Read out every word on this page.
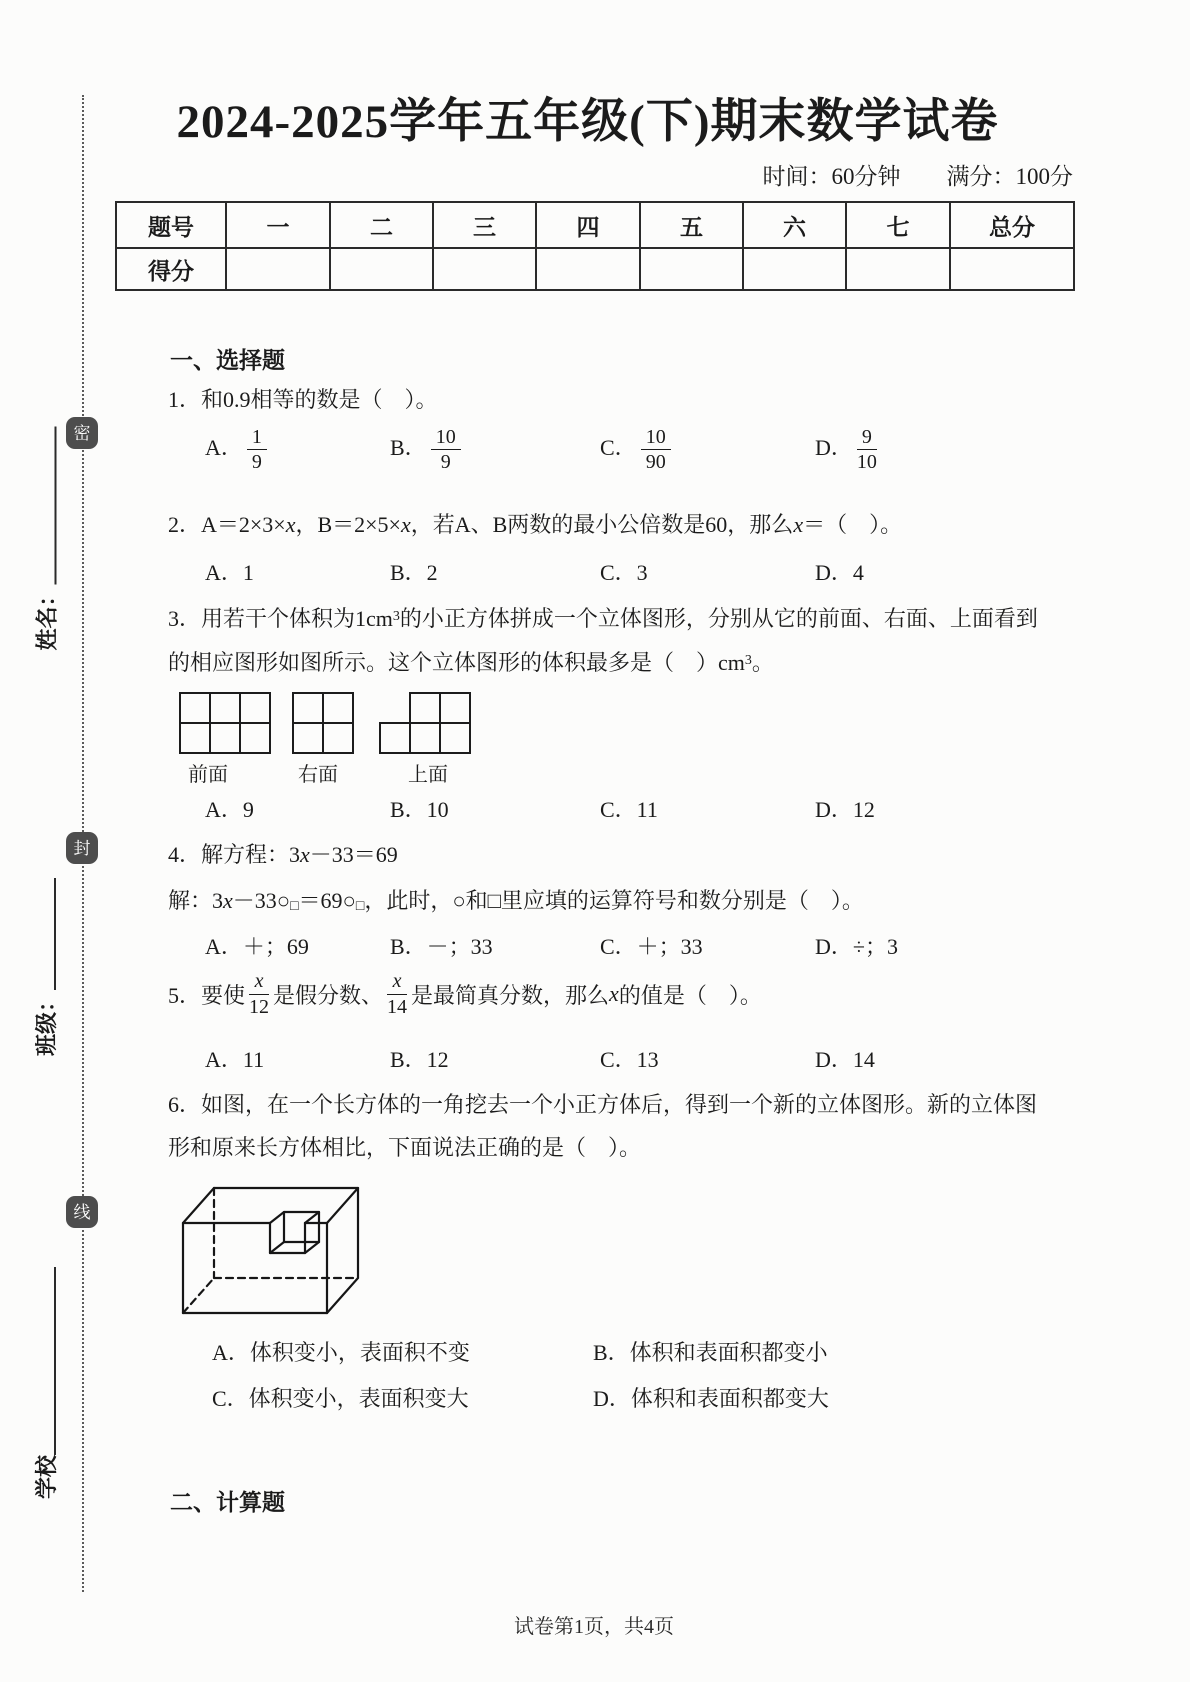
密
封
线
姓名：
班级：
学校
2024-2025学年五年级(下)期末数学试卷
时间：60分钟 满分：100分
题号	一	二	三	四	五	六	七	总分
得分								
一、选择题
1．和0.9相等的数是（　）。
A． $\frac{1}{9}$	B． $\frac{10}{9}$	C． $\frac{10}{90}$	D． $\frac{9}{10}$
2．A＝2×3×x，B＝2×5×x，若A、B两数的最小公倍数是60，那么x＝（　）。
A．1	B．2	C．3	D．4
3．用若干个体积为$1cm^3$的小正方体拼成一个立体图形，分别从它的前面、右面、上面看到
的相应图形如图所示。这个立体图形的体积最多是（　）$cm^3$。
前面	右面	上面
A．9	B．10	C．11	D．12
4．解方程：3x－33＝69
解：3x－33○□＝69○□，此时，○和□里应填的运算符号和数分别是（　）。
A．＋；69	B．－；33	C．＋；33	D．÷；3
5．要使 $\frac{x}{12}$ 是假分数、 $\frac{x}{14}$ 是最简真分数，那么 x 的值是（　）。
A．11	B．12	C．13	D．14
6．如图，在一个长方体的一角挖去一个小正方体后，得到一个新的立体图形。新的立体图
形和原来长方体相比，下面说法正确的是（　）。
A．体积变小，表面积不变	B．体积和表面积都变小
C．体积变小，表面积变大	D．体积和表面积都变大
二、计算题
试卷第1页，共4页
